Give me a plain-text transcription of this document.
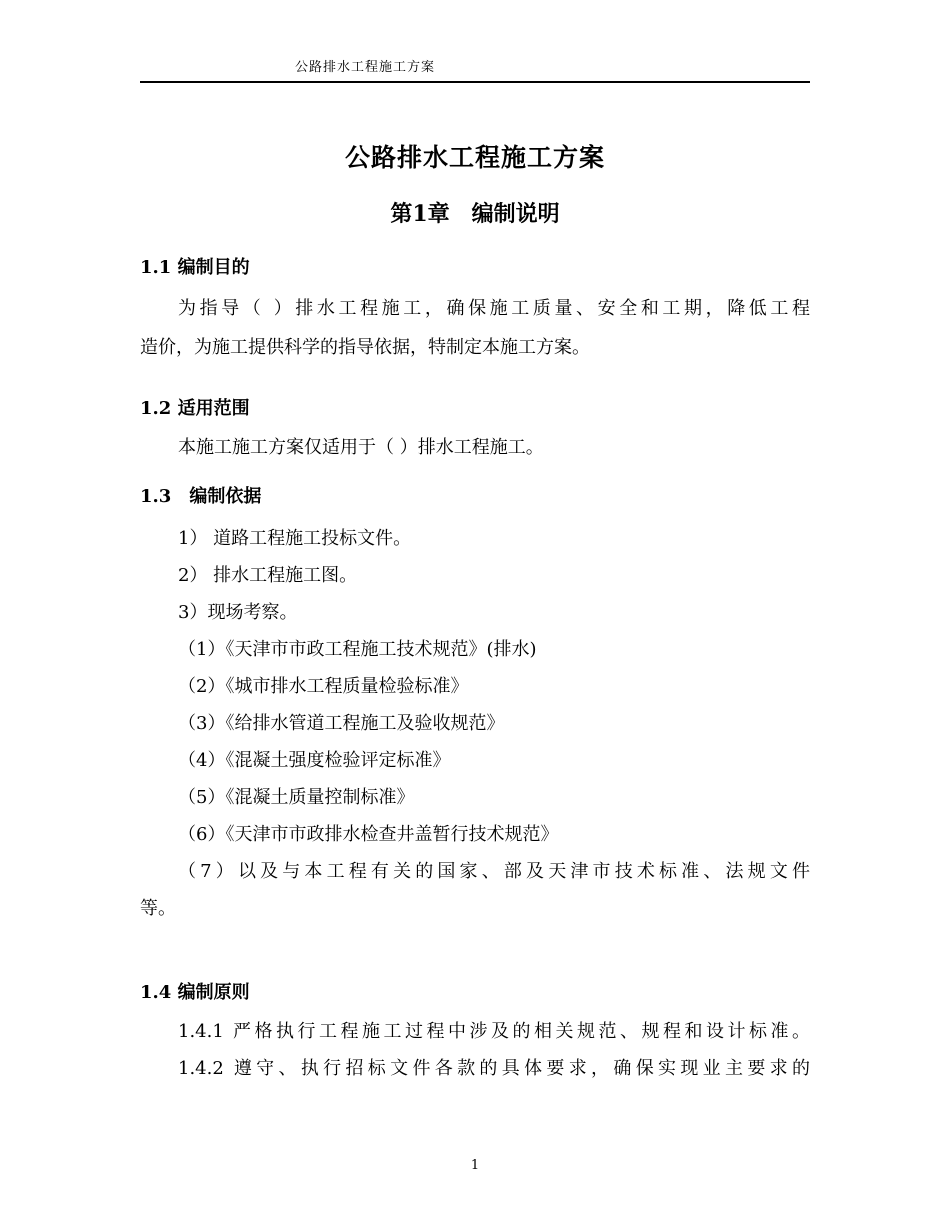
公路排水工程施工方案
公路排水工程施工方案
第1章　编制说明
1.1 编制目的
为指导（ ）排水工程施工，确保施工质量、安全和工期，降低工程
造价，为施工提供科学的指导依据，特制定本施工方案。
1.2 适用范围
本施工施工方案仅适用于（ ）排水工程施工。
1.3　编制依据
1） 道路工程施工投标文件。
2） 排水工程施工图。
3）现场考察。
（1）《天津市市政工程施工技术规范》(排水)
（2）《城市排水工程质量检验标准》
（3）《给排水管道工程施工及验收规范》
（4）《混凝土强度检验评定标准》
（5）《混凝土质量控制标准》
（6）《天津市市政排水检查井盖暂行技术规范》
（7）以及与本工程有关的国家、部及天津市技术标准、法规文件
等。
1.4 编制原则
1.4.1 严格执行工程施工过程中涉及的相关规范、规程和设计标准。
1.4.2 遵守、执行招标文件各款的具体要求，确保实现业主要求的
1
